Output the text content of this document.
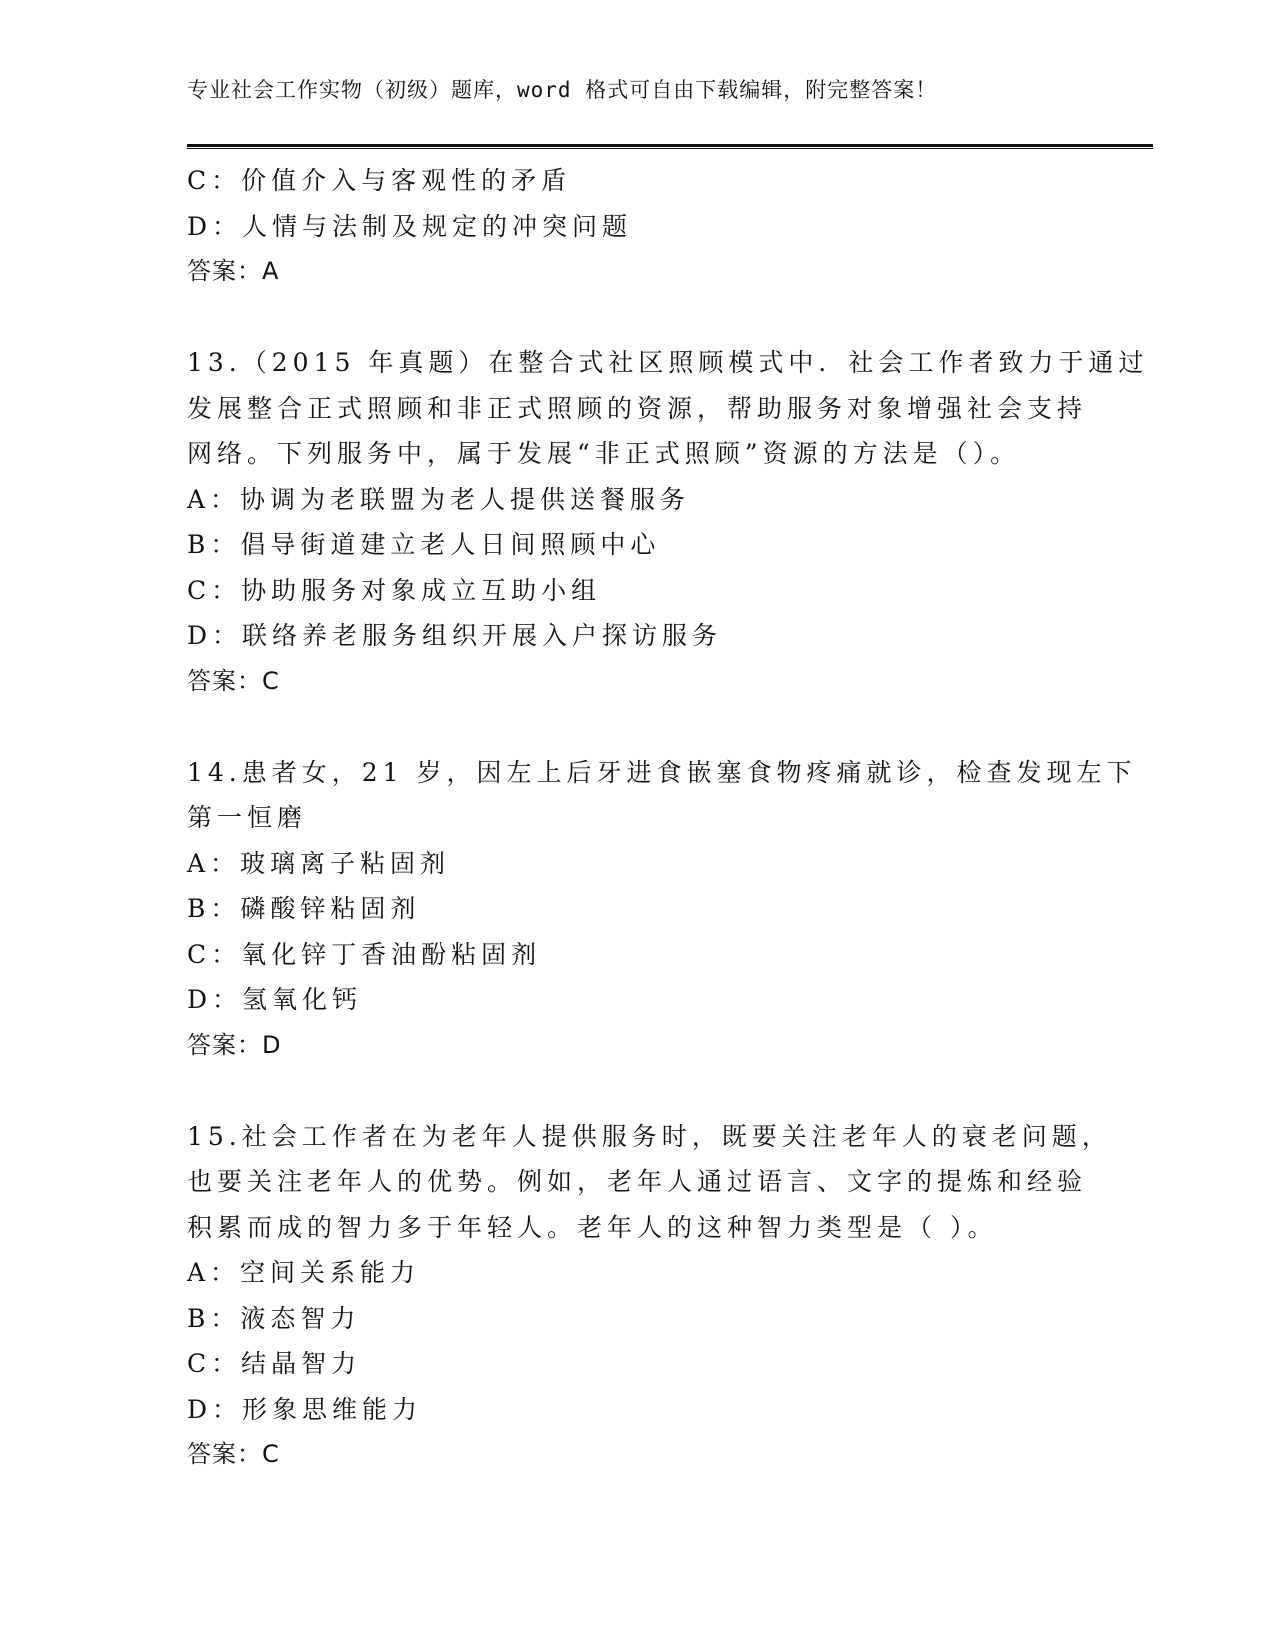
专业社会工作实物（初级）题库，word 格式可自由下载编辑，附完整答案！
C：价值介入与客观性的矛盾
D：人情与法制及规定的冲突问题
答案：A
13.（2015 年真题）在整合式社区照顾模式中．社会工作者致力于通过
发展整合正式照顾和非正式照顾的资源，帮助服务对象增强社会支持
网络。下列服务中，属于发展“非正式照顾”资源的方法是（）。
A：协调为老联盟为老人提供送餐服务
B：倡导街道建立老人日间照顾中心
C：协助服务对象成立互助小组
D：联络养老服务组织开展入户探访服务
答案：C
14.患者女，21 岁，因左上后牙进食嵌塞食物疼痛就诊，检查发现左下
第一恒磨
A：玻璃离子粘固剂
B：磷酸锌粘固剂
C：氧化锌丁香油酚粘固剂
D：氢氧化钙
答案：D
15.社会工作者在为老年人提供服务时，既要关注老年人的衰老问题，
也要关注老年人的优势。例如，老年人通过语言、文字的提炼和经验
积累而成的智力多于年轻人。老年人的这种智力类型是（ ）。
A：空间关系能力
B：液态智力
C：结晶智力
D：形象思维能力
答案：C
